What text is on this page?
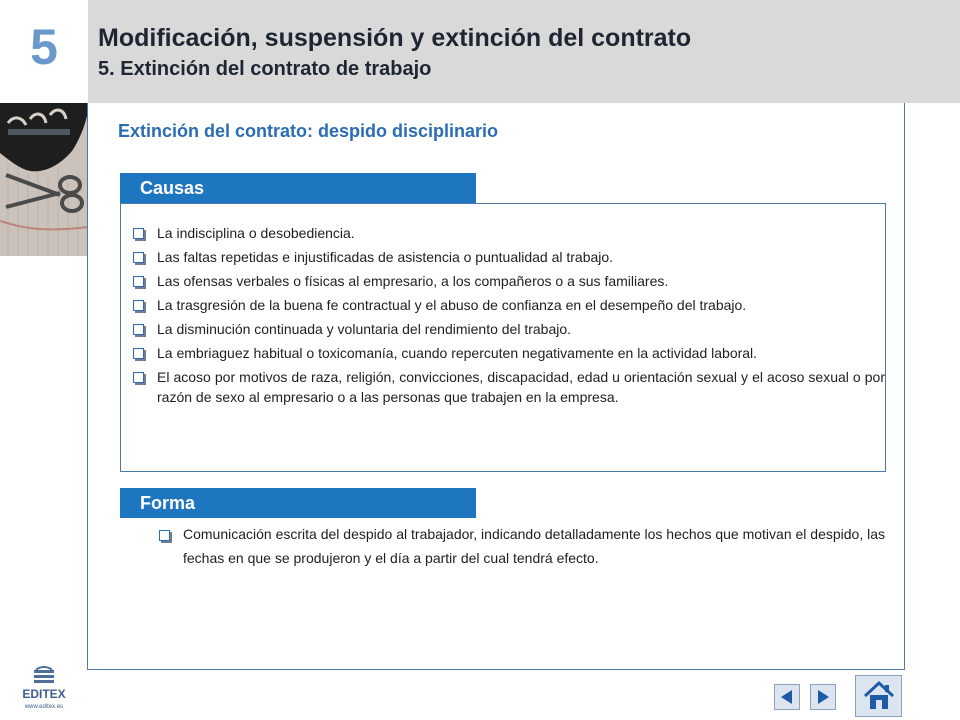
5	Modificación, suspensión y extinción del contrato
5. Extinción del contrato de trabajo
Extinción del contrato: despido disciplinario
Causas
La indisciplina o desobediencia.
Las faltas repetidas e injustificadas de asistencia o puntualidad al trabajo.
Las ofensas verbales o físicas al empresario, a los compañeros o a sus familiares.
La trasgresión de la buena fe contractual y el abuso de confianza en el desempeño del trabajo.
La disminución continuada y voluntaria del rendimiento del trabajo.
La embriaguez habitual o toxicomanía, cuando repercuten negativamente en la actividad laboral.
El acoso por motivos de raza, religión, convicciones, discapacidad, edad u orientación sexual y el acoso sexual o por razón de sexo al empresario o a las personas que trabajen en la empresa.
Forma
Comunicación escrita del despido al trabajador, indicando detalladamente los hechos que motivan el despido, las fechas en que se produjeron y el día a partir del cual tendrá efecto.
EDITEX
www.editex.es
